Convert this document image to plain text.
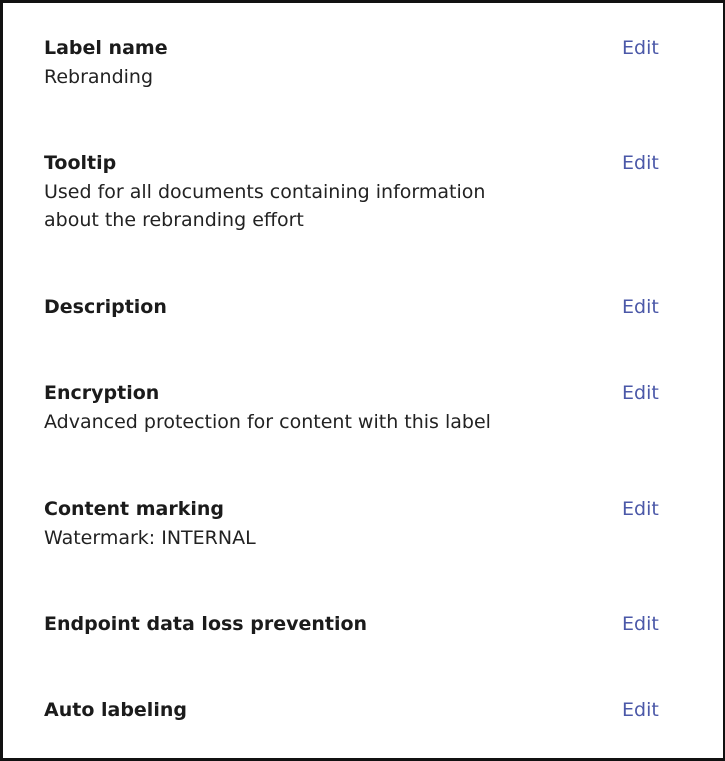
Label name
Rebranding
Edit
Tooltip
Used for all documents containing information about the rebranding effort
Edit
Description	Edit
Encryption
Advanced protection for content with this label
Edit
Content marking
Watermark: INTERNAL
Edit
Endpoint data loss prevention	Edit
Auto labeling	Edit
